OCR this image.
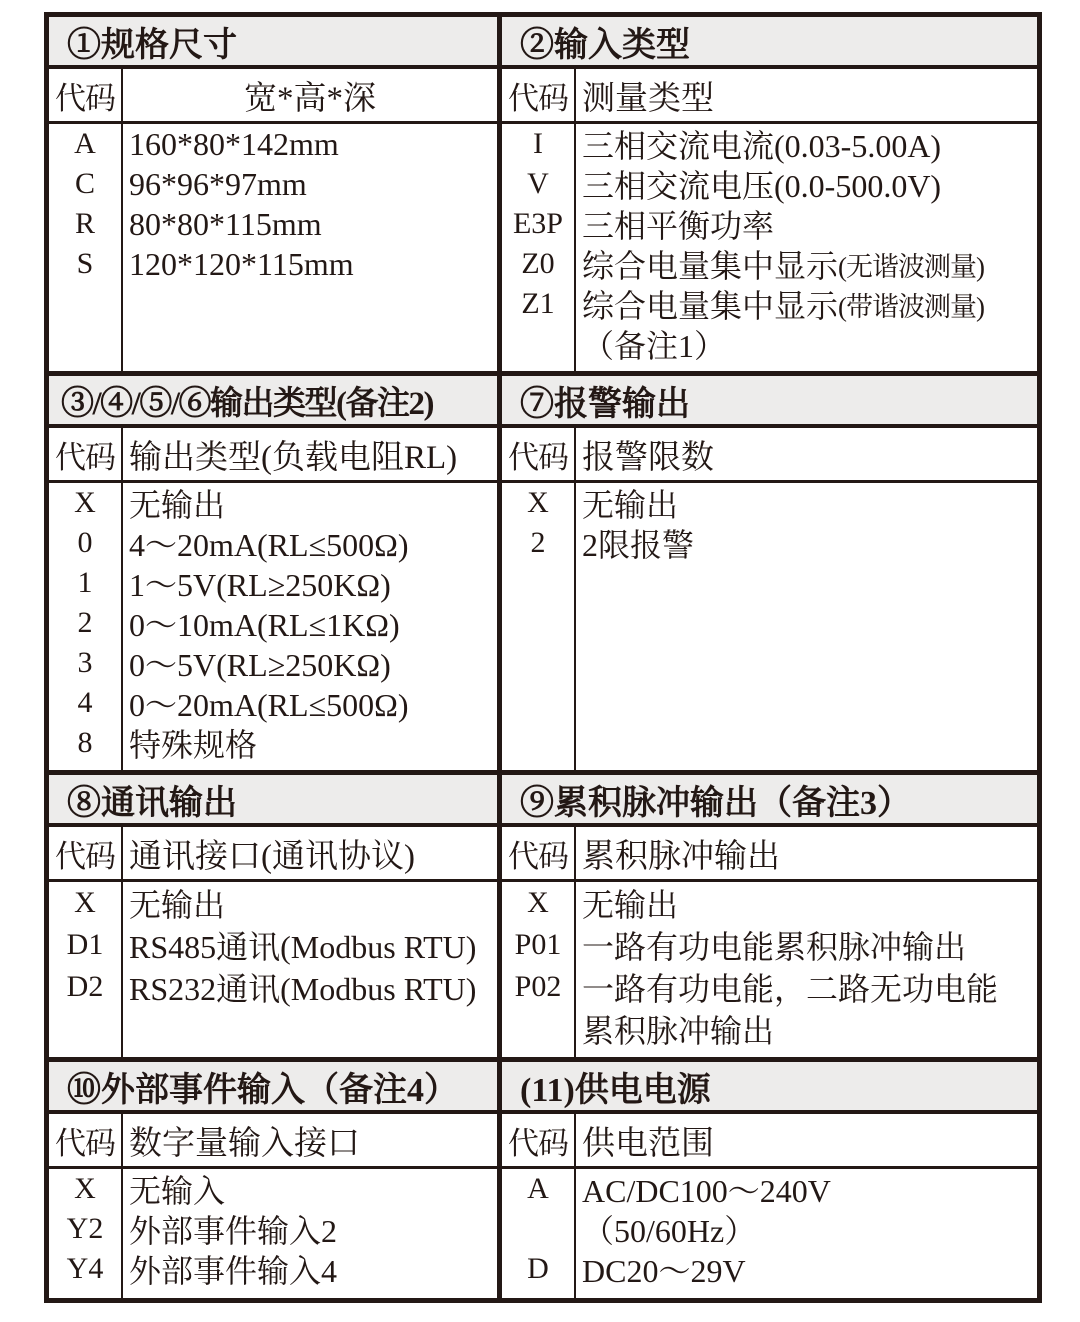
①规格尺寸
代码
A
C
R
S
宽*高*深
160*80*142mm
96*96*97mm
80*80*115mm
120*120*115mm
②输入类型
代码
I
V
E3P
Z0
Z1
测量类型
三相交流电流(0.03-5.00A)
三相交流电压(0.0-500.0V)
三相平衡功率
综合电量集中显示 (无谐波测量)
综合电量集中显示 (带谐波测量)
（备注1）
③/④/⑤/⑥输出类型(备注2)
代码
X
0
1
2
3
4
8
输出类型(负载电阻RL)
无输出
4～20mA(RL≤500Ω)
1～5V(RL≥250KΩ)
0～10mA(RL≤1KΩ)
0～5V(RL≥250KΩ)
0～20mA(RL≤500Ω)
特殊规格
⑦报警输出
代码
X
2
报警限数
无输出
2限报警
⑧通讯输出
代码
X
D1
D2
通讯接口(通讯协议)
无输出
RS485通讯(Modbus RTU)
RS232通讯(Modbus RTU)
⑨累积脉冲输出（备注3）
代码
X
P01
P02
累积脉冲输出
无输出
一路有功电能累积脉冲输出
一路有功电能，二路无功电能
累积脉冲输出
⑩外部事件输入（备注4）
代码
X
Y2
Y4
数字量输入接口
无输入
外部事件输入2
外部事件输入4
(11)供电电源
代码
A
D
供电范围
AC/DC100～240V
（50/60Hz）
DC20～29V
